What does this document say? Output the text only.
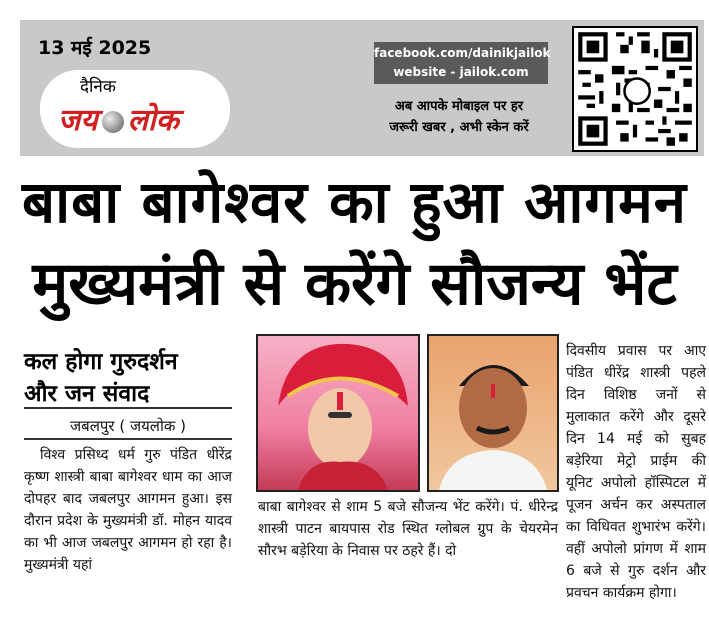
13 मई 2025
दैनिक
जय लोक
facebook.com/dainikjailok
website - jailok.com
अब आपके मोबाइल पर हर
जरूरी खबर , अभी स्केन करें
बाबा बागेश्वर का हुआ आगमन
मुख्यमंत्री से करेंगे सौजन्य भेंट
कल होगा गुरुदर्शन
और जन संवाद
जबलपुर ( जयलोक )
विश्व प्रसिध्द धर्म गुरु पंडित धीरेंद्र कृष्ण शास्त्री बाबा बागेश्वर धाम का आज दोपहर बाद जबलपुर आगमन हुआ। इस दौरान प्रदेश के मुख्यमंत्री डॉ. मोहन यादव का भी आज जबलपुर आगमन हो रहा है। मुख्यमंत्री यहां
बाबा बागेश्वर से शाम 5 बजे सौजन्य भेंट करेंगे। पं. धीरेन्द्र शास्त्री पाटन बायपास रोड स्थित ग्लोबल ग्रुप के चेयरमेन सौरभ बड़ेरिया के निवास पर ठहरे हैं। दो
दिवसीय प्रवास पर आए पंडित धीरेंद्र शास्त्री पहले दिन विशिष्ठ जनों से मुलाकात करेंगे और दूसरे दिन 14 मई को सुबह बड़ेरिया मेट्रो प्राईम की यूनिट अपोलो हॉस्पिटल में पूजन अर्चन कर अस्पताल का विधिवत शुभारंभ करेंगे। वहीं अपोलो प्रांगण में शाम 6 बजे से गुरु दर्शन और प्रवचन कार्यक्रम होगा।
